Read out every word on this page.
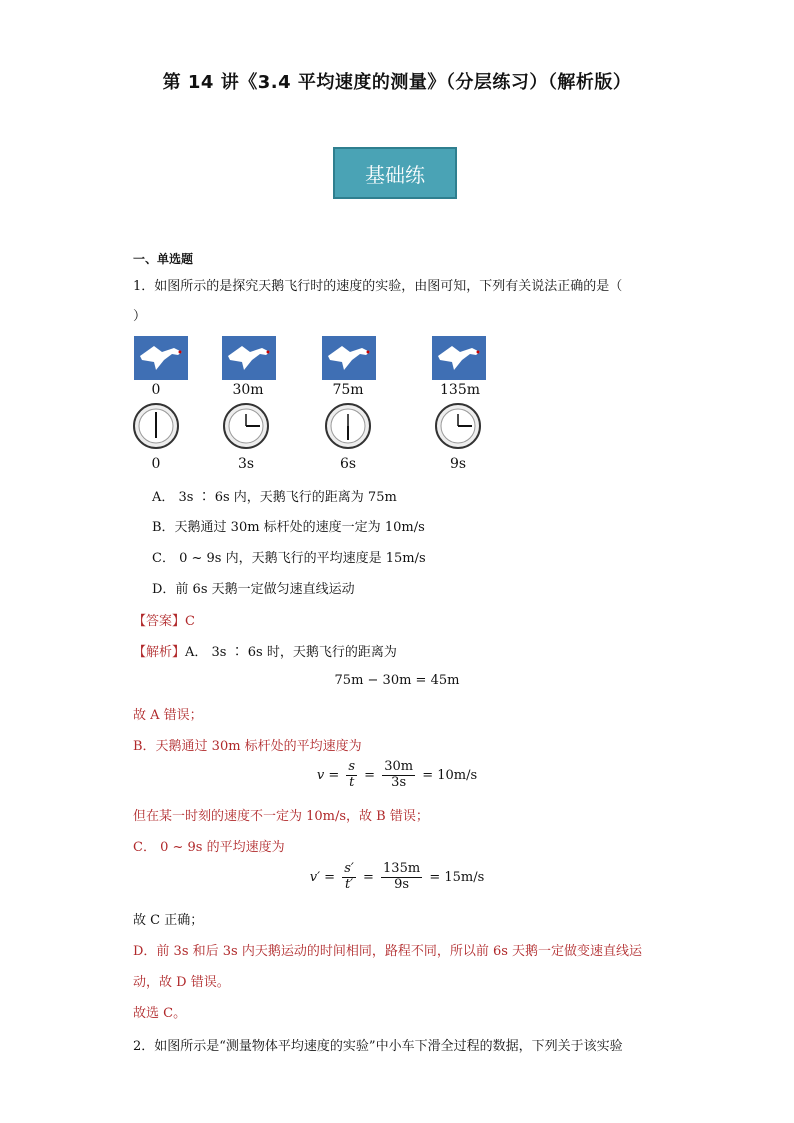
第 14 讲《3.4 平均速度的测量》（分层练习）（解析版）
基础练
一、单选题
1．如图所示的是探究天鹅飞行时的速度的实验，由图可知，下列有关说法正确的是（
）
0	30m	75m	135m
0	3s	6s	9s
A． 3s ∶ 6s 内，天鹅飞行的距离为 75m
B．天鹅通过 30m 标杆处的速度一定为 10m/s
C． 0 ~ 9s 内，天鹅飞行的平均速度是 15m/s
D．前 6s 天鹅一定做匀速直线运动
【答案】C
【解析】A． 3s ∶ 6s 时，天鹅飞行的距离为
75m − 30m = 45m
故 A 错误；
B．天鹅通过 30m 标杆处的平均速度为
$v = \frac{s}{t} = \frac{30m}{3s} = 10m/s$
但在某一时刻的速度不一定为 10m/s，故 B 错误；
C． 0 ~ 9s 的平均速度为
$v' = \frac{s'}{t'} = \frac{135m}{9s} = 15m/s$
故 C 正确；
D．前 3s 和后 3s 内天鹅运动的时间相同，路程不同，所以前 6s 天鹅一定做变速直线运
动，故 D 错误。
故选 C。
2．如图所示是“测量物体平均速度的实验”中小车下滑全过程的数据，下列关于该实验
